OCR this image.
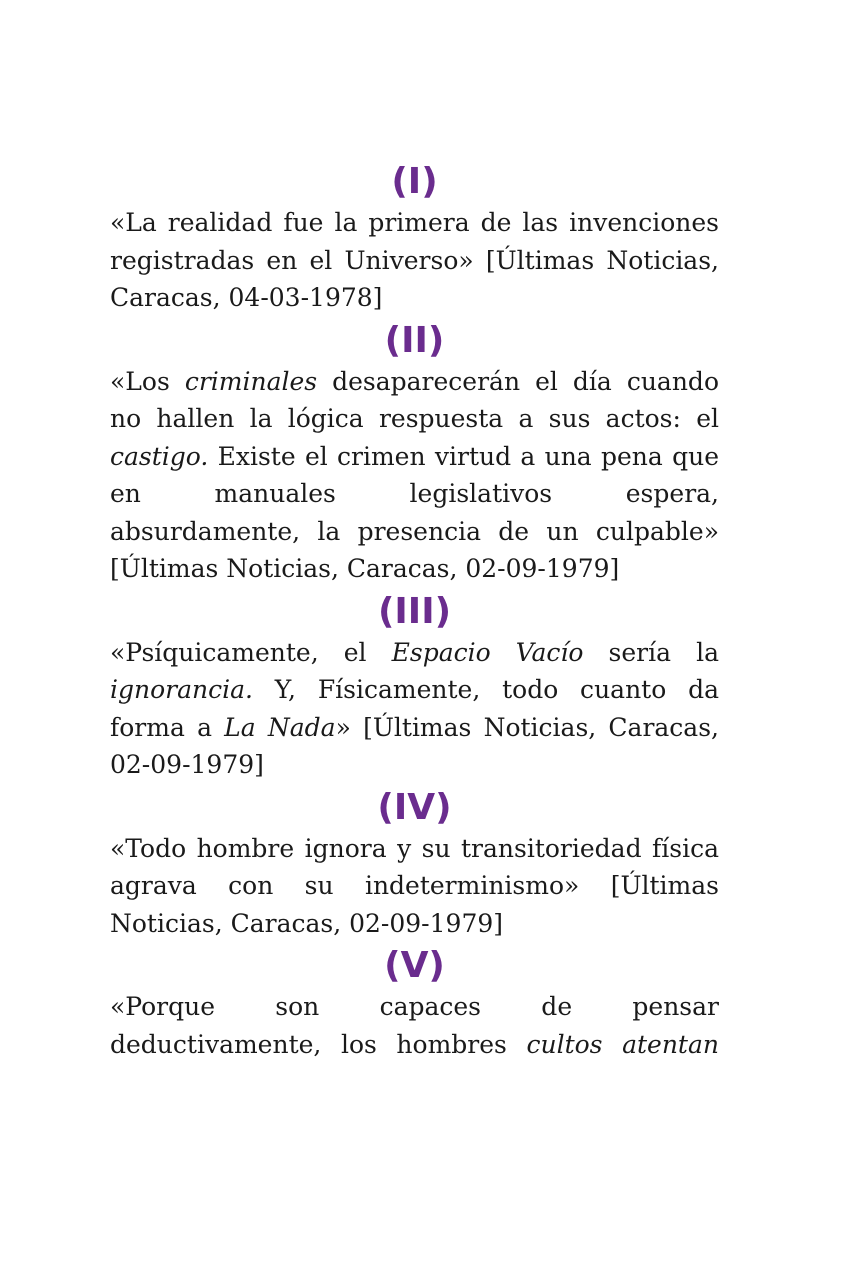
(I)

«La realidad fue la primera de las invenciones registradas en el Universo» [Últimas Noticias, Caracas, 04-03-1978]

(II)

«Los criminales desaparecerán el día cuando no hallen la lógica respuesta a sus actos: el castigo. Existe el crimen virtud a una pena que en manuales legislativos espera, absurdamente, la presencia de un culpable» [Últimas Noticias, Caracas, 02-09-1979]

(III)

«Psíquicamente, el Espacio Vacío sería la ignorancia. Y, Físicamente, todo cuanto da forma a La Nada» [Últimas Noticias, Caracas, 02-09-1979]

(IV)

«Todo hombre ignora y su transitoriedad física agrava con su indeterminismo» [Últimas Noticias, Caracas, 02-09-1979]

(V)

«Porque son capaces de pensar deductivamente, los hombres cultos atentan
